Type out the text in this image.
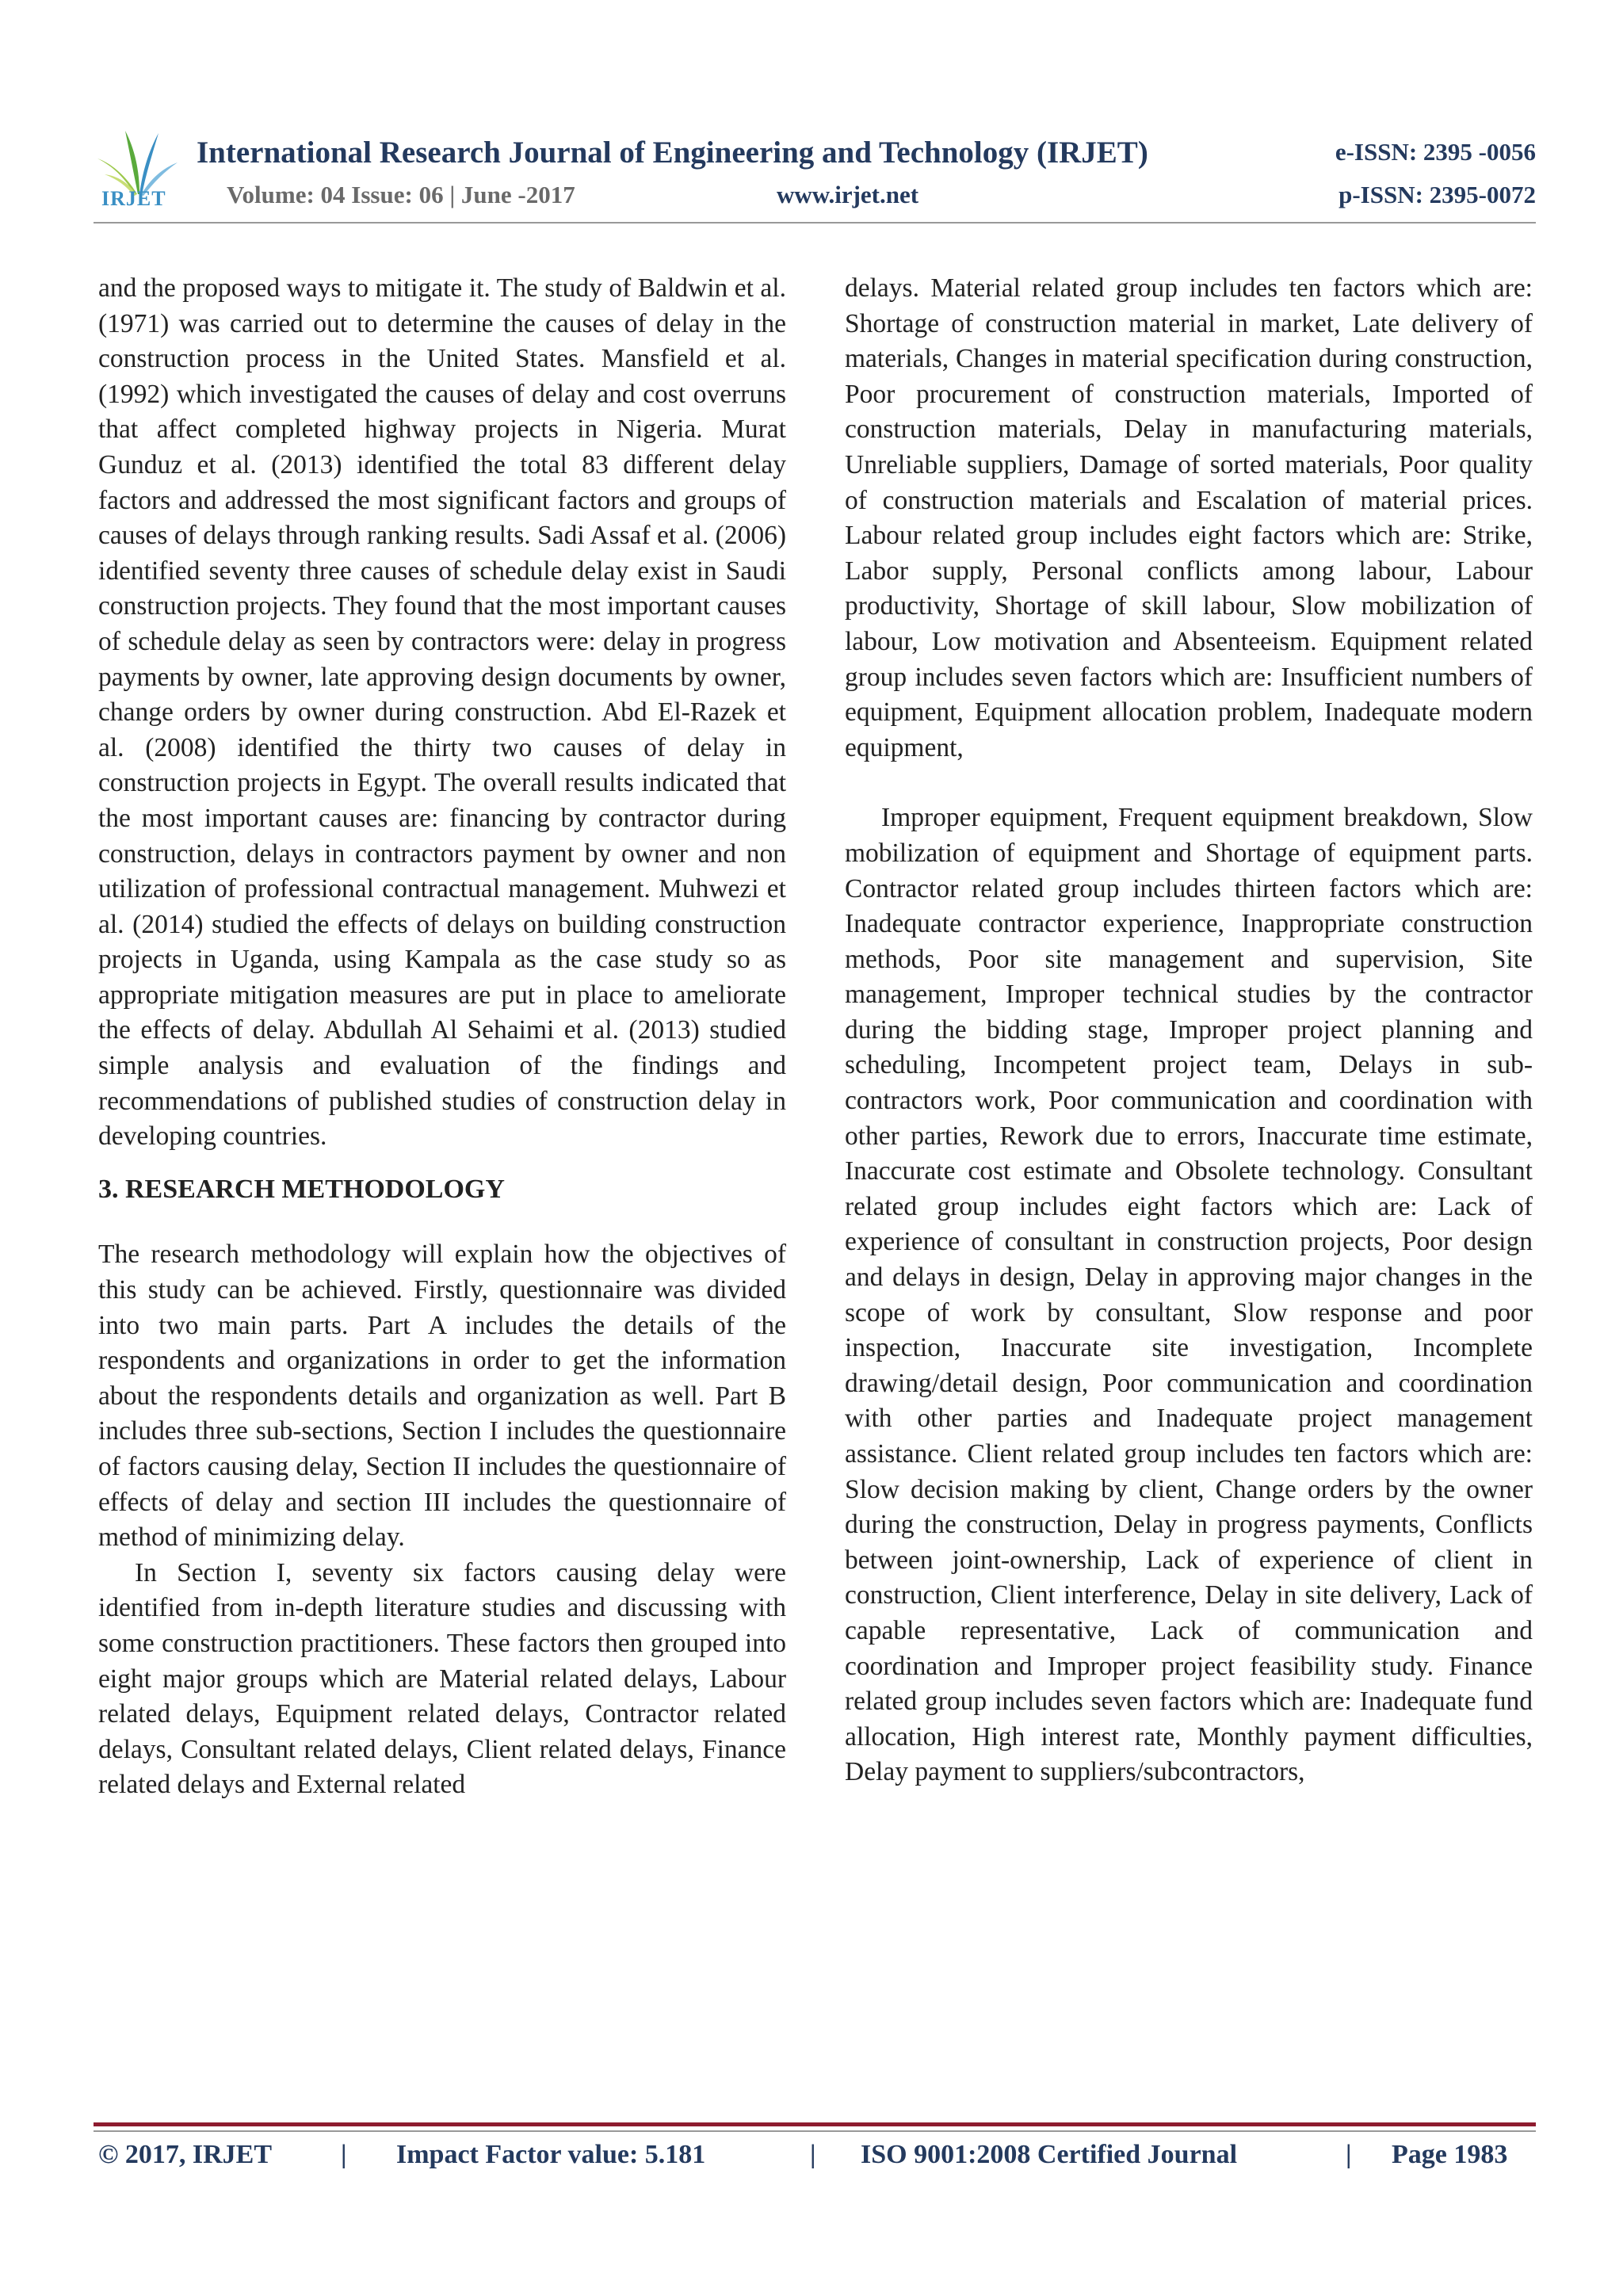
IRJET
International Research Journal of Engineering and Technology (IRJET)	e-ISSN: 2395 -0056
Volume: 04 Issue: 06 | June -2017	www.irjet.net	p-ISSN: 2395-0072

and the proposed ways to mitigate it. The study of Baldwin et al. (1971) was carried out to determine the causes of delay in the construction process in the United States. Mansfield et al. (1992) which investigated the causes of delay and cost overruns that affect completed highway projects in Nigeria. Murat Gunduz et al. (2013) identified the total 83 different delay factors and addressed the most significant factors and groups of causes of delays through ranking results. Sadi Assaf et al. (2006) identified seventy three causes of schedule delay exist in Saudi construction projects. They found that the most important causes of schedule delay as seen by contractors were: delay in progress payments by owner, late approving design documents by owner, change orders by owner during construction. Abd El-Razek et al. (2008) identified the thirty two causes of delay in construction projects in Egypt. The overall results indicated that the most important causes are: financing by contractor during construction, delays in contractors payment by owner and non utilization of professional contractual management. Muhwezi et al. (2014) studied the effects of delays on building construction projects in Uganda, using Kampala as the case study so as appropriate mitigation measures are put in place to ameliorate the effects of delay. Abdullah Al Sehaimi et al. (2013) studied simple analysis and evaluation of the findings and recommendations of published studies of construction delay in developing countries.

3. RESEARCH METHODOLOGY

The research methodology will explain how the objectives of this study can be achieved. Firstly, questionnaire was divided into two main parts. Part A includes the details of the respondents and organizations in order to get the information about the respondents details and organization as well. Part B includes three sub-sections, Section I includes the questionnaire of factors causing delay, Section II includes the questionnaire of effects of delay and section III includes the questionnaire of method of minimizing delay.

In Section I, seventy six factors causing delay were identified from in-depth literature studies and discussing with some construction practitioners. These factors then grouped into eight major groups which are Material related delays, Labour related delays, Equipment related delays, Contractor related delays, Consultant related delays, Client related delays, Finance related delays and External related

delays. Material related group includes ten factors which are: Shortage of construction material in market, Late delivery of materials, Changes in material specification during construction, Poor procurement of construction materials, Imported of construction materials, Delay in manufacturing materials, Unreliable suppliers, Damage of sorted materials, Poor quality of construction materials and Escalation of material prices. Labour related group includes eight factors which are: Strike, Labor supply, Personal conflicts among labour, Labour productivity, Shortage of skill labour, Slow mobilization of labour, Low motivation and Absenteeism. Equipment related group includes seven factors which are: Insufficient numbers of equipment, Equipment allocation problem, Inadequate modern equipment,

Improper equipment, Frequent equipment breakdown, Slow mobilization of equipment and Shortage of equipment parts. Contractor related group includes thirteen factors which are: Inadequate contractor experience, Inappropriate construction methods, Poor site management and supervision, Site management, Improper technical studies by the contractor during the bidding stage, Improper project planning and scheduling, Incompetent project team, Delays in sub- contractors work, Poor communication and coordination with other parties, Rework due to errors, Inaccurate time estimate, Inaccurate cost estimate and Obsolete technology. Consultant related group includes eight factors which are: Lack of experience of consultant in construction projects, Poor design and delays in design, Delay in approving major changes in the scope of work by consultant, Slow response and poor inspection, Inaccurate site investigation, Incomplete drawing/detail design, Poor communication and coordination with other parties and Inadequate project management assistance. Client related group includes ten factors which are: Slow decision making by client, Change orders by the owner during the construction, Delay in progress payments, Conflicts between joint-ownership, Lack of experience of client in construction, Client interference, Delay in site delivery, Lack of capable representative, Lack of communication and coordination and Improper project feasibility study. Finance related group includes seven factors which are: Inadequate fund allocation, High interest rate, Monthly payment difficulties, Delay payment to suppliers/subcontractors,

© 2017, IRJET	| Impact Factor value: 5.181	| ISO 9001:2008 Certified Journal	| Page 1983
